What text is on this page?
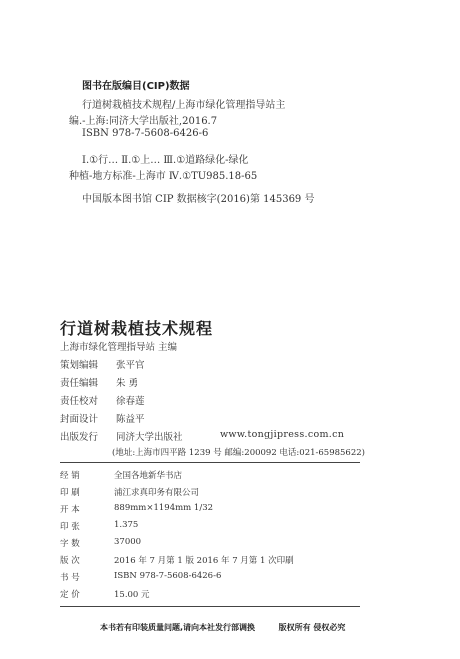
图书在版编目(CIP)数据
行道树栽植技术规程/上海市绿化管理指导站主
编.-上海:同济大学出版社,2016.7
ISBN 978-7-5608-6426-6
Ⅰ.①行… Ⅱ.①上… Ⅲ.①道路绿化-绿化
种植-地方标准-上海市 Ⅳ.①TU985.18-65
中国版本图书馆 CIP 数据核字(2016)第 145369 号
行道树栽植技术规程
上海市绿化管理指导站 主编
策划编辑 张平官
责任编辑 朱 勇
责任校对 徐春莲
封面设计 陈益平
出版发行 同济大学出版社	www.tongjipress.com.cn
(地址:上海市四平路 1239 号 邮编:200092 电话:021-65985622)
经 销	全国各地新华书店
印 刷	浦江求真印务有限公司
开 本	889mm×1194mm 1/32
印 张	1.375
字 数	37000
版 次	2016 年 7 月第 1 版 2016 年 7 月第 1 次印刷
书 号	ISBN 978-7-5608-6426-6
定 价	15.00 元
本书若有印装质量问题,请向本社发行部调换	版权所有 侵权必究
